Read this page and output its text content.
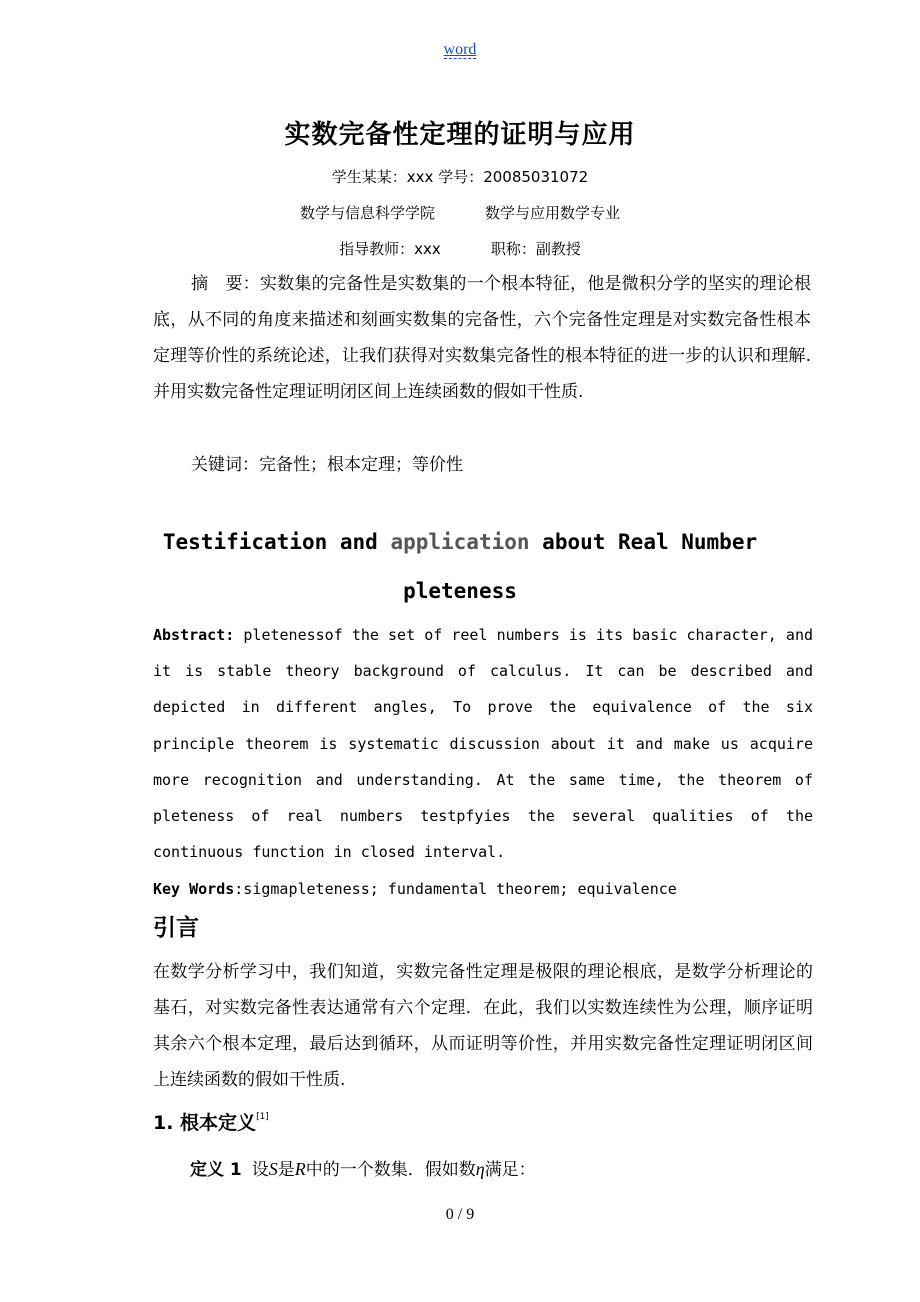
word
实数完备性定理的证明与应用
学生某某：xxx 学号：20085031072
数学与信息科学学院	数学与应用数学专业
指导教师：xxx	职称：副教授
摘　要：实数集的完备性是实数集的一个根本特征，他是微积分学的坚实的理论根底，从不同的角度来描述和刻画实数集的完备性，六个完备性定理是对实数完备性根本定理等价性的系统论述，让我们获得对实数集完备性的根本特征的进一步的认识和理解.并用实数完备性定理证明闭区间上连续函数的假如干性质.
关键词：完备性；根本定理；等价性
Testification and application about Real Number
pleteness
Abstract: pletenessof the set of reel numbers is its basic character, and it is stable theory background of calculus. It can be described and depicted in different angles, To prove the equivalence of the six principle theorem is systematic discussion about it and make us acquire more recognition and understanding. At the same time, the theorem of pleteness of real numbers testpfyies the several qualities of the continuous function in closed interval.
Key Words:sigmapleteness; fundamental theorem; equivalence
引言
在数学分析学习中，我们知道，实数完备性定理是极限的理论根底，是数学分析理论的基石，对实数完备性表达通常有六个定理．在此，我们以实数连续性为公理，顺序证明其余六个根本定理，最后达到循环，从而证明等价性，并用实数完备性定理证明闭区间上连续函数的假如干性质.
1. 根本定义[1]
定义 1 设S是R中的一个数集．假如数η满足：
0 / 9
